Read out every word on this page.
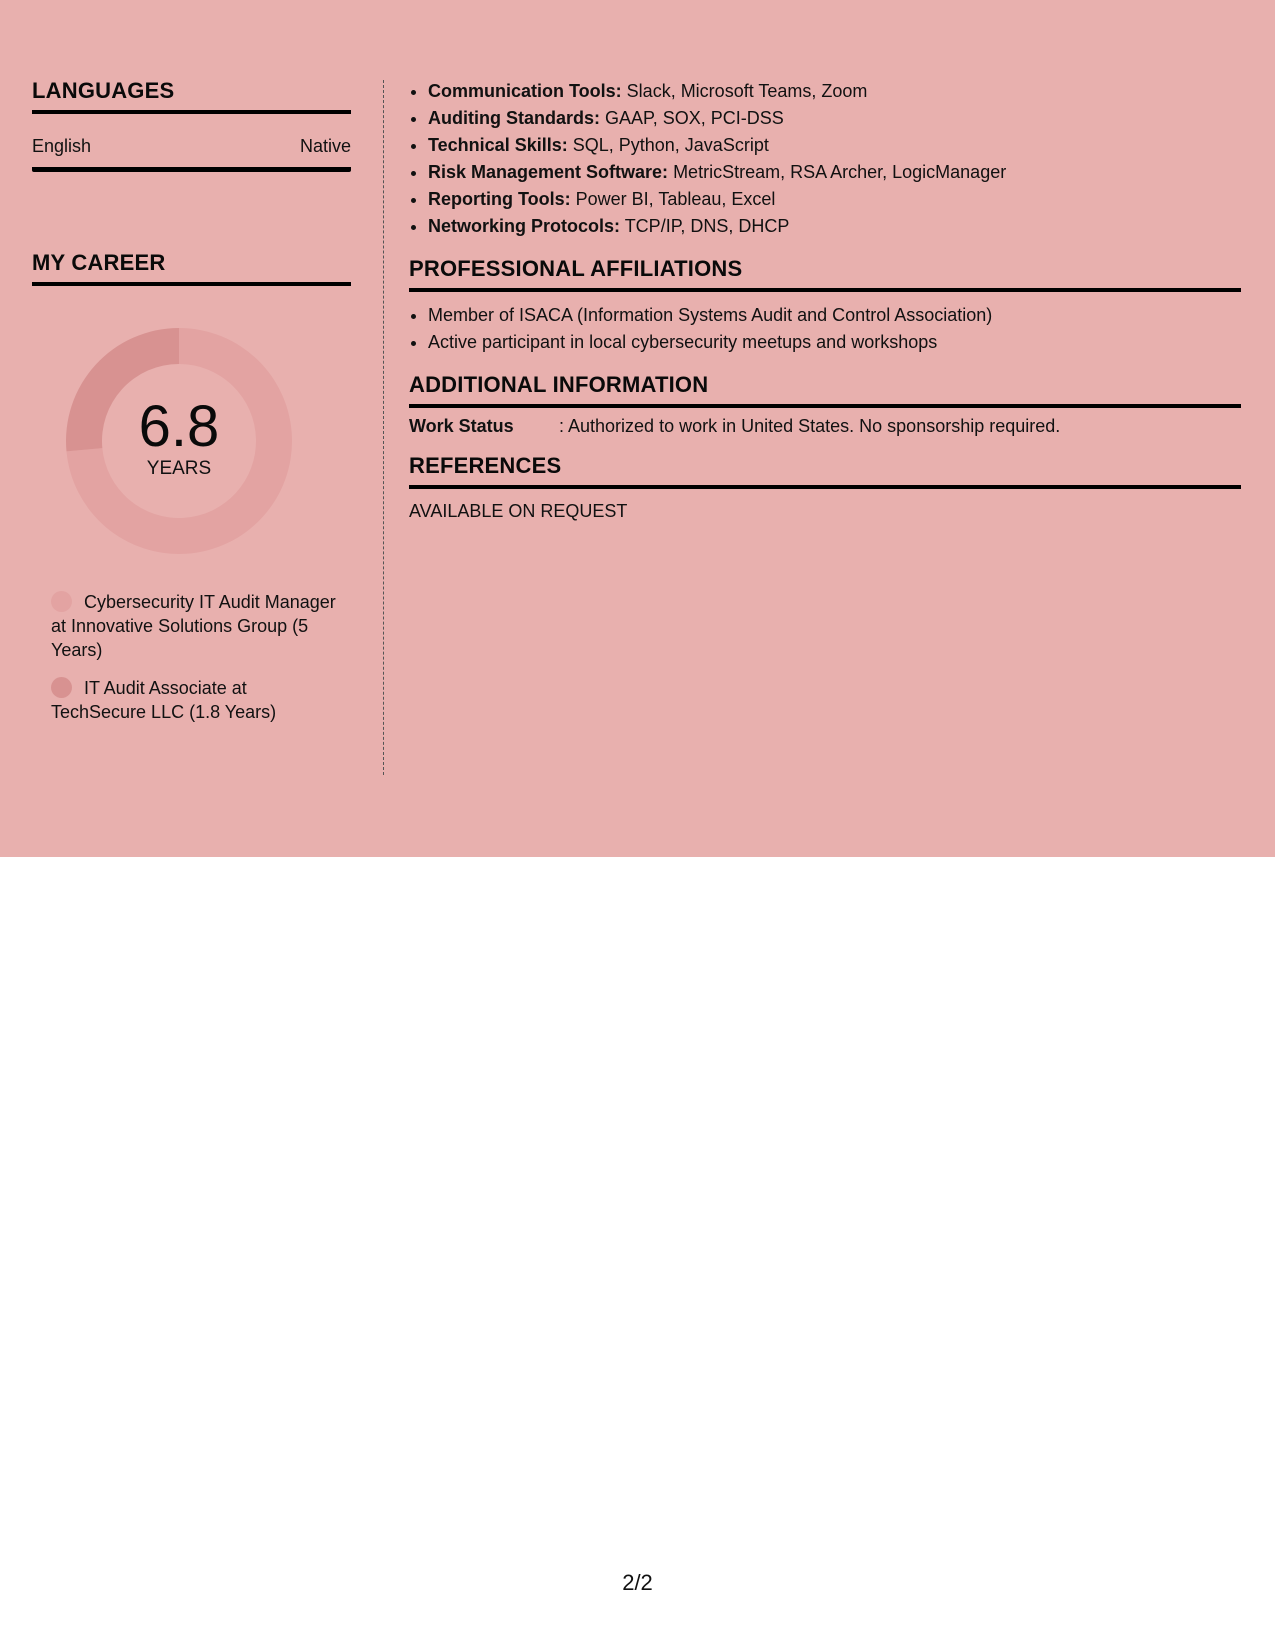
LANGUAGES
English	Native
MY CAREER
6.8
YEARS
Cybersecurity IT Audit Manager at Innovative Solutions Group (5 Years)
IT Audit Associate at TechSecure LLC (1.8 Years)
• Communication Tools: Slack, Microsoft Teams, Zoom
• Auditing Standards: GAAP, SOX, PCI-DSS
• Technical Skills: SQL, Python, JavaScript
• Risk Management Software: MetricStream, RSA Archer, LogicManager
• Reporting Tools: Power BI, Tableau, Excel
• Networking Protocols: TCP/IP, DNS, DHCP
PROFESSIONAL AFFILIATIONS
• Member of ISACA (Information Systems Audit and Control Association)
• Active participant in local cybersecurity meetups and workshops
ADDITIONAL INFORMATION
Work Status	: Authorized to work in United States. No sponsorship required.
REFERENCES
AVAILABLE ON REQUEST
2/2
